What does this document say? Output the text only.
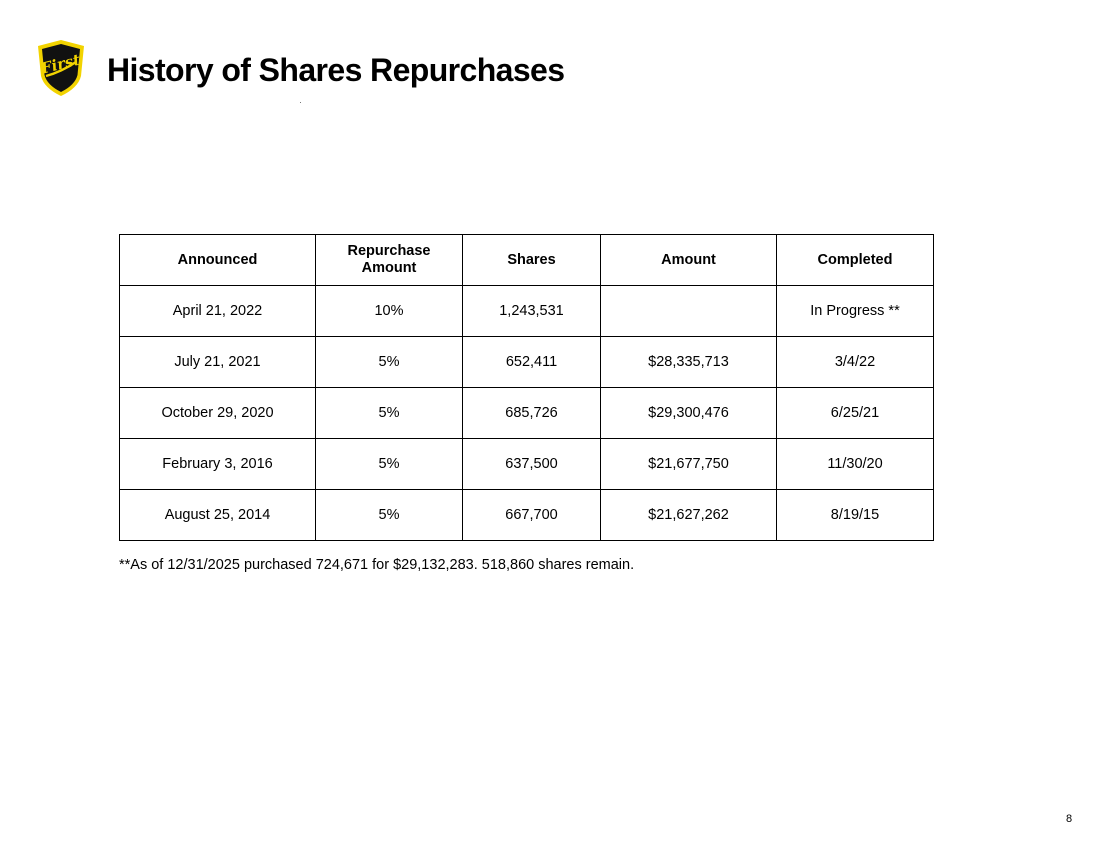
First History of Shares Repurchases
Announced	Repurchase Amount	Shares	Amount	Completed
April 21, 2022	10%	1,243,531		In Progress **
July 21, 2021	5%	652,411	$28,335,713	3/4/22
October 29, 2020	5%	685,726	$29,300,476	6/25/21
February 3, 2016	5%	637,500	$21,677,750	11/30/20
August 25, 2014	5%	667,700	$21,627,262	8/19/15

**As of 12/31/2025 purchased 724,671 for $29,132,283. 518,860 shares remain.

8
